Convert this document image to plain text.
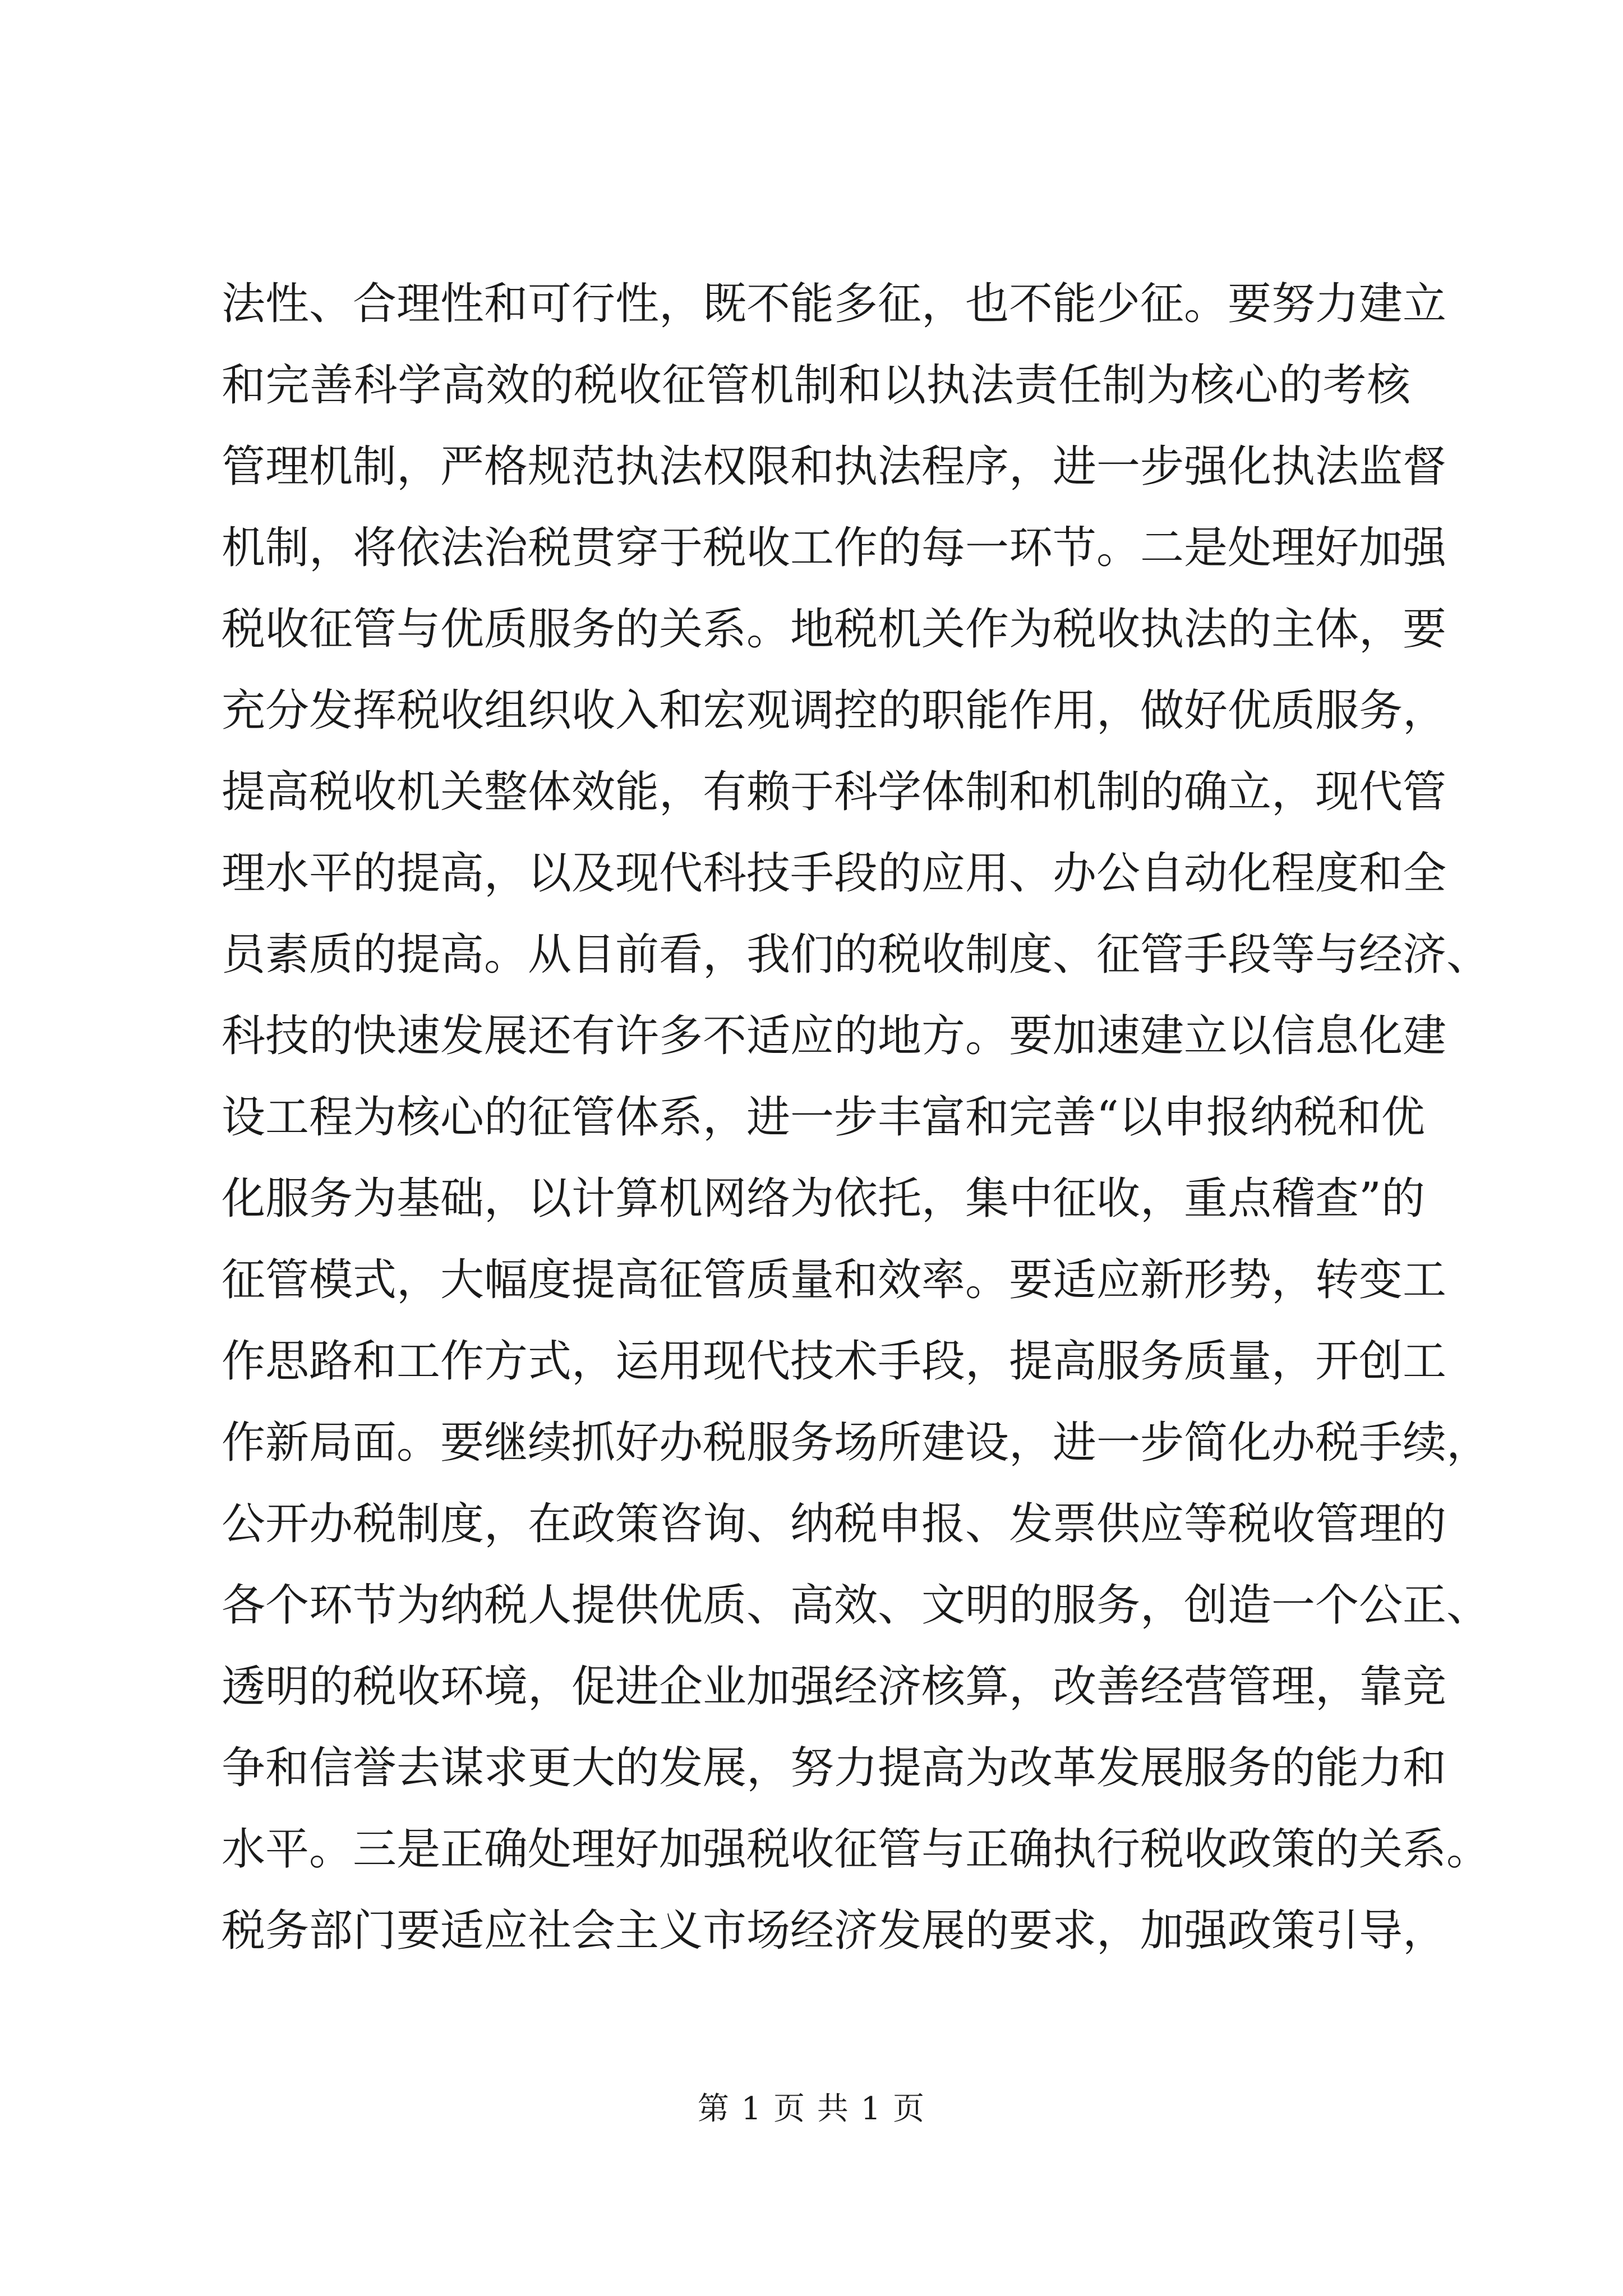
法性、合理性和可行性，既不能多征，也不能少征。要努力建立
和完善科学高效的税收征管机制和以执法责任制为核心的考核
管理机制，严格规范执法权限和执法程序，进一步强化执法监督
机制，将依法治税贯穿于税收工作的每一环节。二是处理好加强
税收征管与优质服务的关系。地税机关作为税收执法的主体，要
充分发挥税收组织收入和宏观调控的职能作用，做好优质服务，
提高税收机关整体效能，有赖于科学体制和机制的确立，现代管
理水平的提高，以及现代科技手段的应用、办公自动化程度和全
员素质的提高。从目前看，我们的税收制度、征管手段等与经济、
科技的快速发展还有许多不适应的地方。要加速建立以信息化建
设工程为核心的征管体系，进一步丰富和完善“以申报纳税和优
化服务为基础，以计算机网络为依托，集中征收，重点稽查”的
征管模式，大幅度提高征管质量和效率。要适应新形势，转变工
作思路和工作方式，运用现代技术手段，提高服务质量，开创工
作新局面。要继续抓好办税服务场所建设，进一步简化办税手续，
公开办税制度，在政策咨询、纳税申报、发票供应等税收管理的
各个环节为纳税人提供优质、高效、文明的服务，创造一个公正、
透明的税收环境，促进企业加强经济核算，改善经营管理，靠竞
争和信誉去谋求更大的发展，努力提高为改革发展服务的能力和
水平。三是正确处理好加强税收征管与正确执行税收政策的关系。
税务部门要适应社会主义市场经济发展的要求，加强政策引导，
第 1 页 共 1 页
